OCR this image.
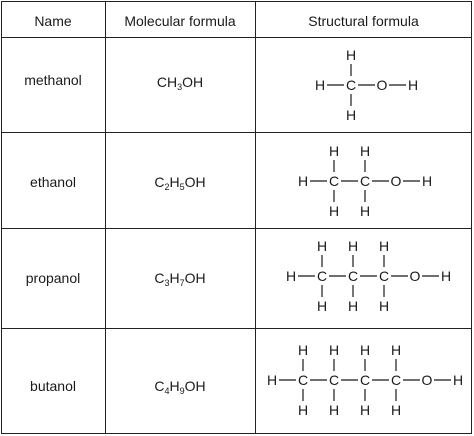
Name	Molecular formula	Structural formula
methanol
ethanol
propanol
butanol
$CH_3OH$
$C_2H_5OH$
$C_3H_7OH$
$C_4H_9OH$
H C
H
H
O H
H C
H
H
C
H
H
O H
H C
H
H
C
H
H
C
H
H
O H
H C
H
H
C
H
H
C
H
H
C
H
H
O H
